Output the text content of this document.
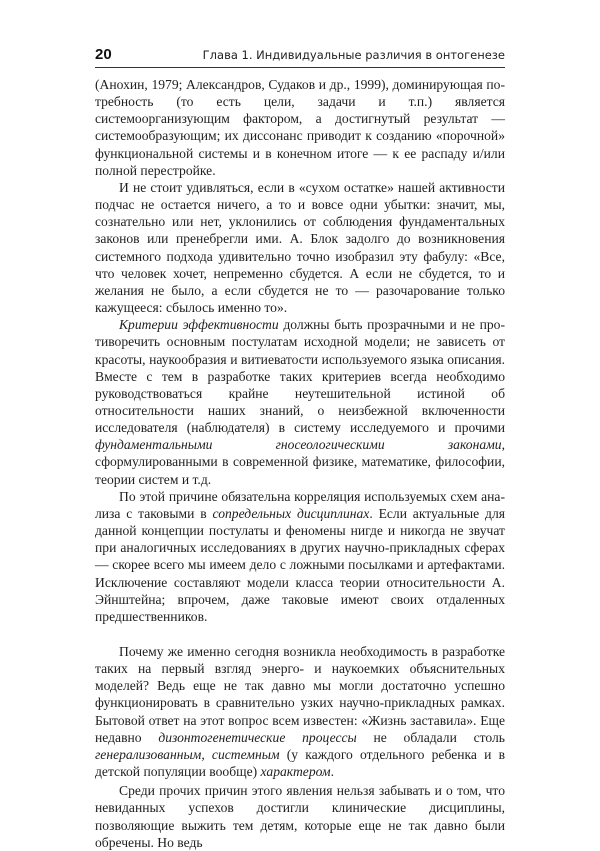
20	Глава 1. Индивидуальные различия в онтогенезе

(Анохин, 1979; Александров, Судаков и др., 1999), доминирующая потребность (то есть цели, задачи и т.п.) является системоорганизующим фактором, а достигнутый результат — системообразующим; их диссонанс приводит к созданию «порочной» функциональной системы и в конечном итоге — к ее распаду и/или полной перестройке.

И не стоит удивляться, если в «сухом остатке» нашей активности подчас не остается ничего, а то и вовсе одни убытки: значит, мы, сознательно или нет, уклонились от соблюдения фундаментальных законов или пренебрегли ими. А. Блок задолго до возникновения системного подхода удивительно точно изобразил эту фабулу: «Все, что человек хочет, непременно сбудется. А если не сбудется, то и желания не было, а если сбудется не то — разочарование только кажущееся: сбылось именно то».

Критерии эффективности должны быть прозрачными и не противоречить основным постулатам исходной модели; не зависеть от красоты, наукообразия и витиеватости используемого языка описания. Вместе с тем в разработке таких критериев всегда необходимо руководствоваться крайне неутешительной истиной об относительности наших знаний, о неизбежной включенности исследователя (наблюдателя) в систему исследуемого и прочими фундаментальными гносеологическими законами, сформулированными в современной физике, математике, философии, теории систем и т.д.

По этой причине обязательна корреляция используемых схем анализа с таковыми в сопредельных дисциплинах. Если актуальные для данной концепции постулаты и феномены нигде и никогда не звучат при аналогичных исследованиях в других научно-прикладных сферах — скорее всего мы имеем дело с ложными посылками и артефактами. Исключение составляют модели класса теории относительности А. Эйнштейна; впрочем, даже таковые имеют своих отдаленных предшественников.

Почему же именно сегодня возникла необходимость в разработке таких на первый взгляд энерго- и наукоемких объяснительных моделей? Ведь еще не так давно мы могли достаточно успешно функционировать в сравнительно узких научно-прикладных рамках. Бытовой ответ на этот вопрос всем известен: «Жизнь заставила». Еще недавно дизонтогенетические процессы не обладали столь генерализованным, системным (у каждого отдельного ребенка и в детской популяции вообще) характером.

Среди прочих причин этого явления нельзя забывать и о том, что невиданных успехов достигли клинические дисциплины, позволяющие выжить тем детям, которые еще не так давно были обречены. Но ведь
